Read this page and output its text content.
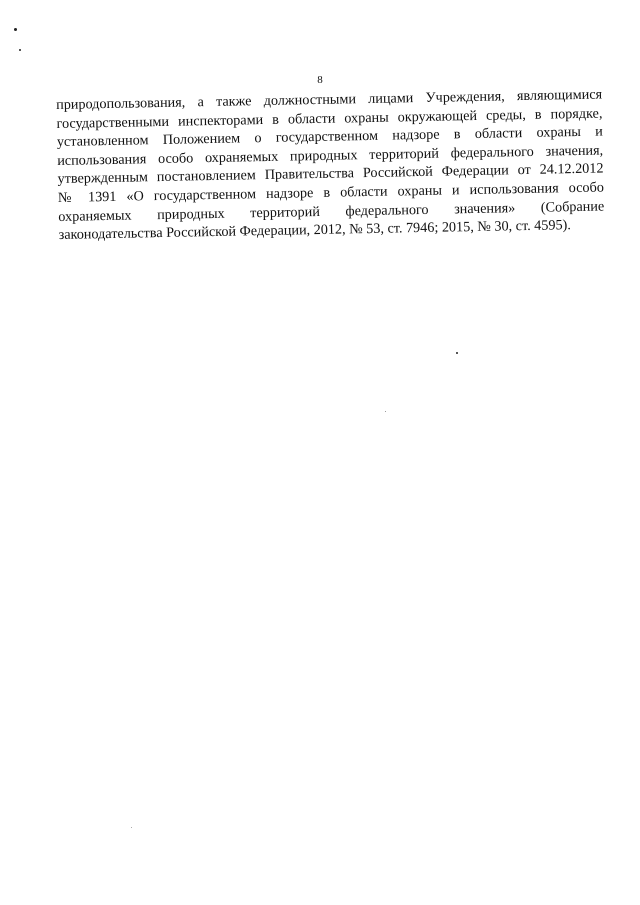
8
природопользования, а также должностными лицами Учреждения, являющимися
государственными инспекторами в области охраны окружающей среды, в порядке,
установленном Положением о государственном надзоре в области охраны и
использования особо охраняемых природных территорий федерального значения,
утвержденным постановлением Правительства Российской Федерации от 24.12.2012
№ 1391 «О государственном надзоре в области охраны и использования особо
охраняемых природных территорий федерального значения» (Собрание
законодательства Российской Федерации, 2012, № 53, ст. 7946; 2015, № 30, ст. 4595).
